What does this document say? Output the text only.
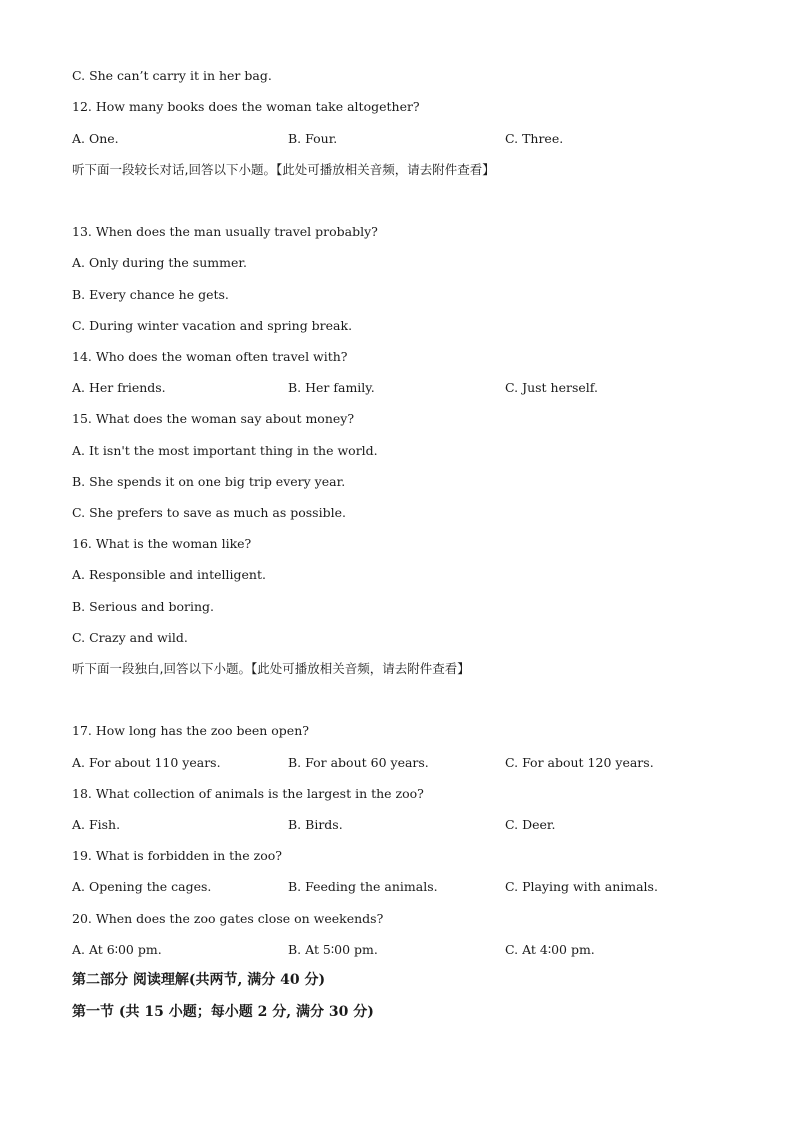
C. She can’t carry it in her bag.
12. How many books does the woman take altogether?
A. One.	B. Four.	C. Three.
听下面一段较长对话,回答以下小题。【此处可播放相关音频，请去附件查看】
13. When does the man usually travel probably?
A. Only during the summer.
B. Every chance he gets.
C. During winter vacation and spring break.
14. Who does the woman often travel with?
A. Her friends.	B. Her family.	C. Just herself.
15. What does the woman say about money?
A. It isn't the most important thing in the world.
B. She spends it on one big trip every year.
C. She prefers to save as much as possible.
16. What is the woman like?
A. Responsible and intelligent.
B. Serious and boring.
C. Crazy and wild.
听下面一段独白,回答以下小题。【此处可播放相关音频，请去附件查看】
17. How long has the zoo been open?
A. For about 110 years.	B. For about 60 years.	C. For about 120 years.
18. What collection of animals is the largest in the zoo?
A. Fish.	B. Birds.	C. Deer.
19. What is forbidden in the zoo?
A. Opening the cages.	B. Feeding the animals.	C. Playing with animals.
20. When does the zoo gates close on weekends?
A. At 6∶00 pm.	B. At 5∶00 pm.	C. At 4∶00 pm.
第二部分 阅读理解(共两节, 满分 40 分)
第一节 (共 15 小题；每小题 2 分, 满分 30 分)
